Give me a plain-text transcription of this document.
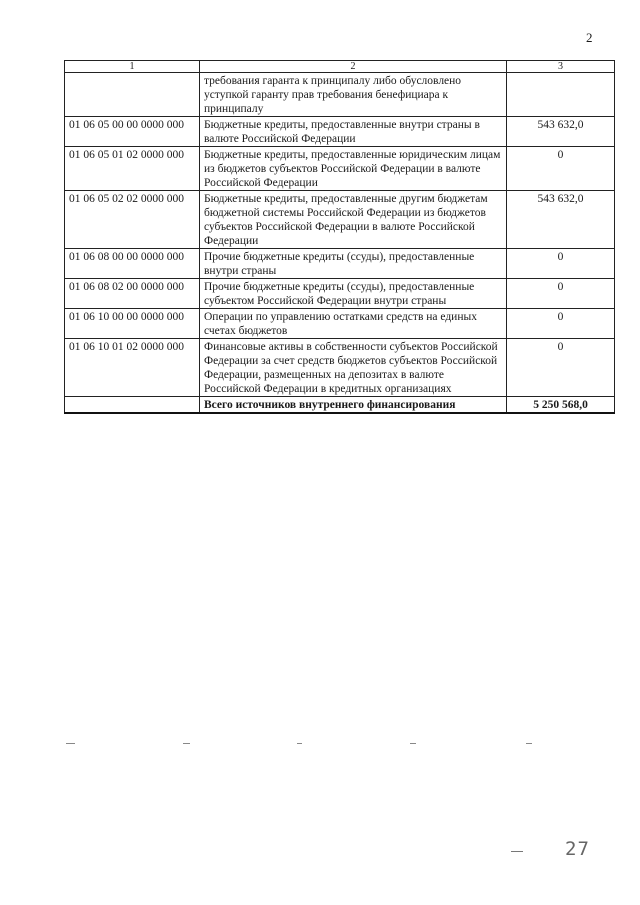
2
1	2	3
	требования гаранта к принципалу либо обусловлено уступкой гаранту прав требования бенефициара к принципалу	
01 06 05 00 00 0000 000	Бюджетные кредиты, предоставленные внутри страны в валюте Российской Федерации	543 632,0
01 06 05 01 02 0000 000	Бюджетные кредиты, предоставленные юридическим лицам из бюджетов субъектов Российской Федерации в валюте Российской Федерации	0
01 06 05 02 02 0000 000	Бюджетные кредиты, предоставленные другим бюджетам бюджетной системы Российской Федерации из бюджетов субъектов Российской Федерации в валюте Российской Федерации	543 632,0
01 06 08 00 00 0000 000	Прочие бюджетные кредиты (ссуды), предоставленные внутри страны	0
01 06 08 02 00 0000 000	Прочие бюджетные кредиты (ссуды), предоставленные субъектом Российской Федерации внутри страны	0
01 06 10 00 00 0000 000	Операции по управлению остатками средств на единых счетах бюджетов	0
01 06 10 01 02 0000 000	Финансовые активы в собственности субъектов Российской Федерации за счет средств бюджетов субъектов Российской Федерации, размещенных на депозитах в валюте Российской Федерации в кредитных организациях	0
	Всего источников внутреннего финансирования	5 250 568,0
27
